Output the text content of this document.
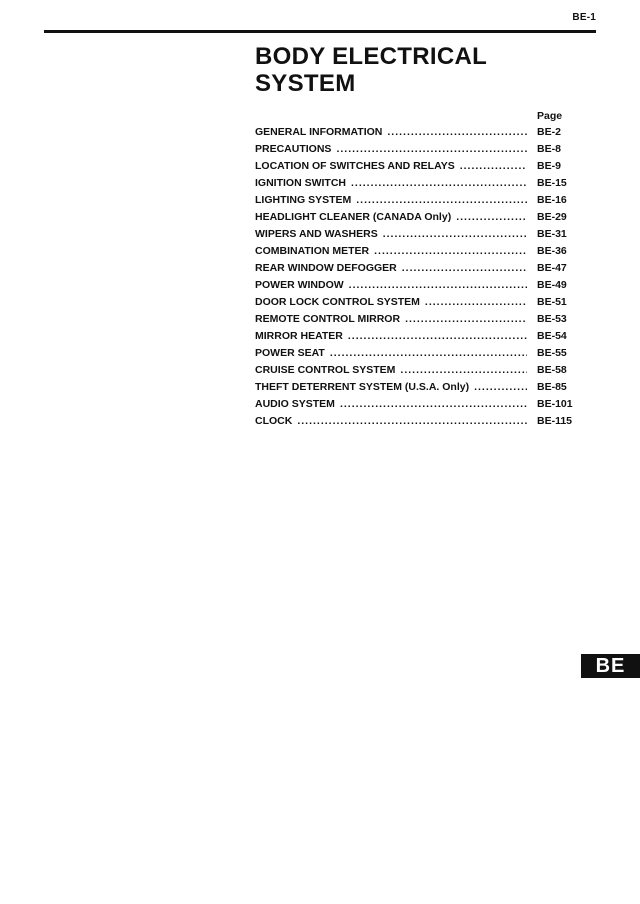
BE-1
BODY ELECTRICAL
SYSTEM
Page
GENERAL INFORMATION .....	BE-2
PRECAUTIONS .....	BE-8
LOCATION OF SWITCHES AND RELAYS .....	BE-9
IGNITION SWITCH .....	BE-15
LIGHTING SYSTEM .....	BE-16
HEADLIGHT CLEANER (CANADA Only) .....	BE-29
WIPERS AND WASHERS .....	BE-31
COMBINATION METER .....	BE-36
REAR WINDOW DEFOGGER .....	BE-47
POWER WINDOW .....	BE-49
DOOR LOCK CONTROL SYSTEM .....	BE-51
REMOTE CONTROL MIRROR .....	BE-53
MIRROR HEATER .....	BE-54
POWER SEAT .....	BE-55
CRUISE CONTROL SYSTEM .....	BE-58
THEFT DETERRENT SYSTEM (U.S.A. Only) .....	BE-85
AUDIO SYSTEM .....	BE-101
CLOCK .....	BE-115
BE
